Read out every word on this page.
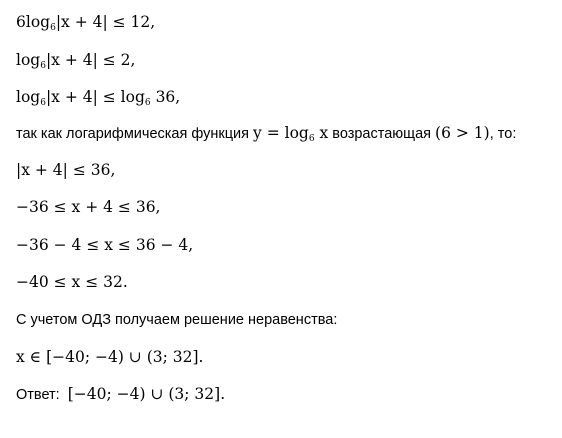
$6\log_6|x + 4| \le 12$,
$\log_6|x + 4| \le 2$,
$\log_6|x + 4| \le \log_6 36$,
так как логарифмическая функция $y = \log_6 x$ возрастающая (6 > 1), то:
|x + 4| ≤ 36,
−36 ≤ x + 4 ≤ 36,
−36 − 4 ≤ x ≤ 36 − 4,
−40 ≤ x ≤ 32.
С учетом ОДЗ получаем решение неравенства:
x ∈ [−40; −4) ∪ (3; 32].
Ответ: [−40; −4) ∪ (3; 32].
